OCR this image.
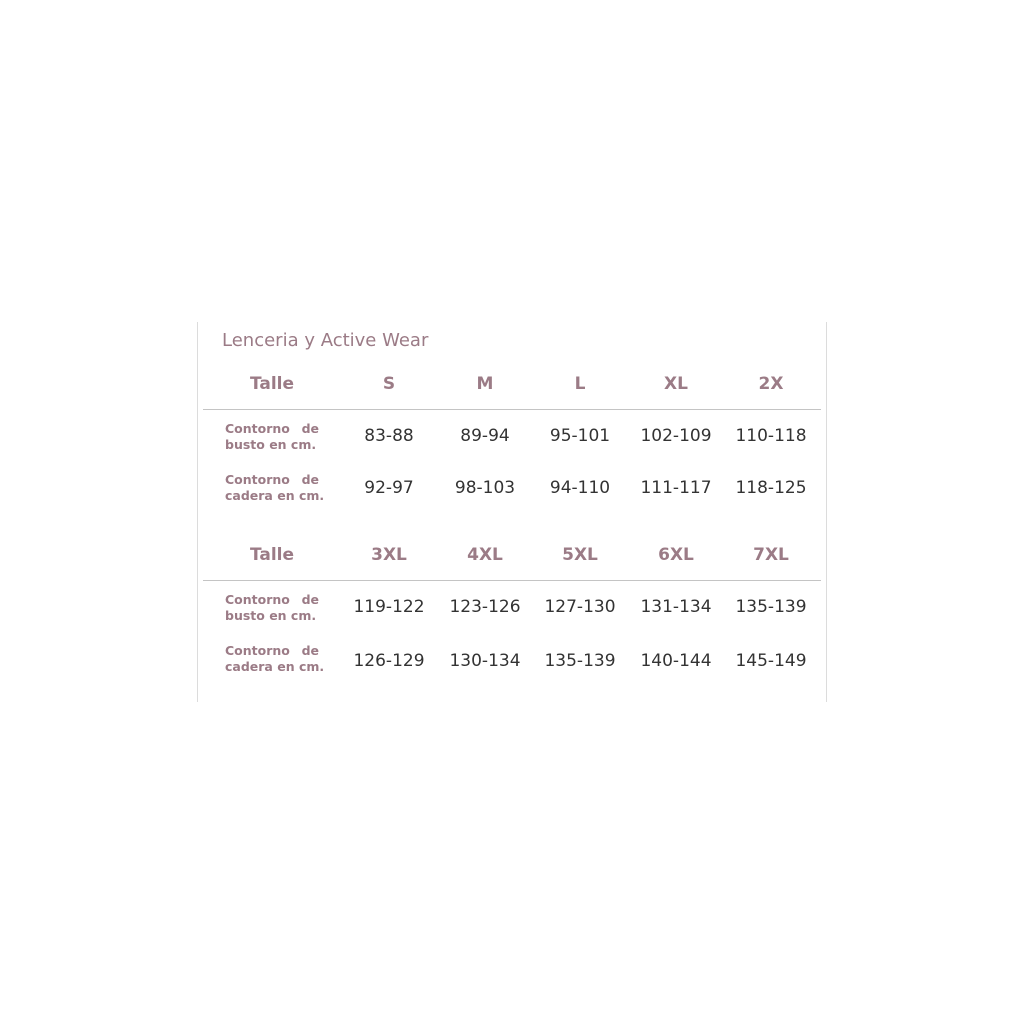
Lenceria y Active Wear
Talle	S	M	L	XL	2X
Contorno de
busto en cm.	83-88	89-94 95-101 102-109 110-118
Contorno de
cadera en cm. 92-97 98-103 94-110 111-117 118-125
Talle	3XL	4XL	5XL	6XL	7XL
Contorno de
busto en cm. 119-122 123-126 127-130 131-134 135-139
Contorno de
cadera en cm. 126-129 130-134 135-139 140-144 145-149
